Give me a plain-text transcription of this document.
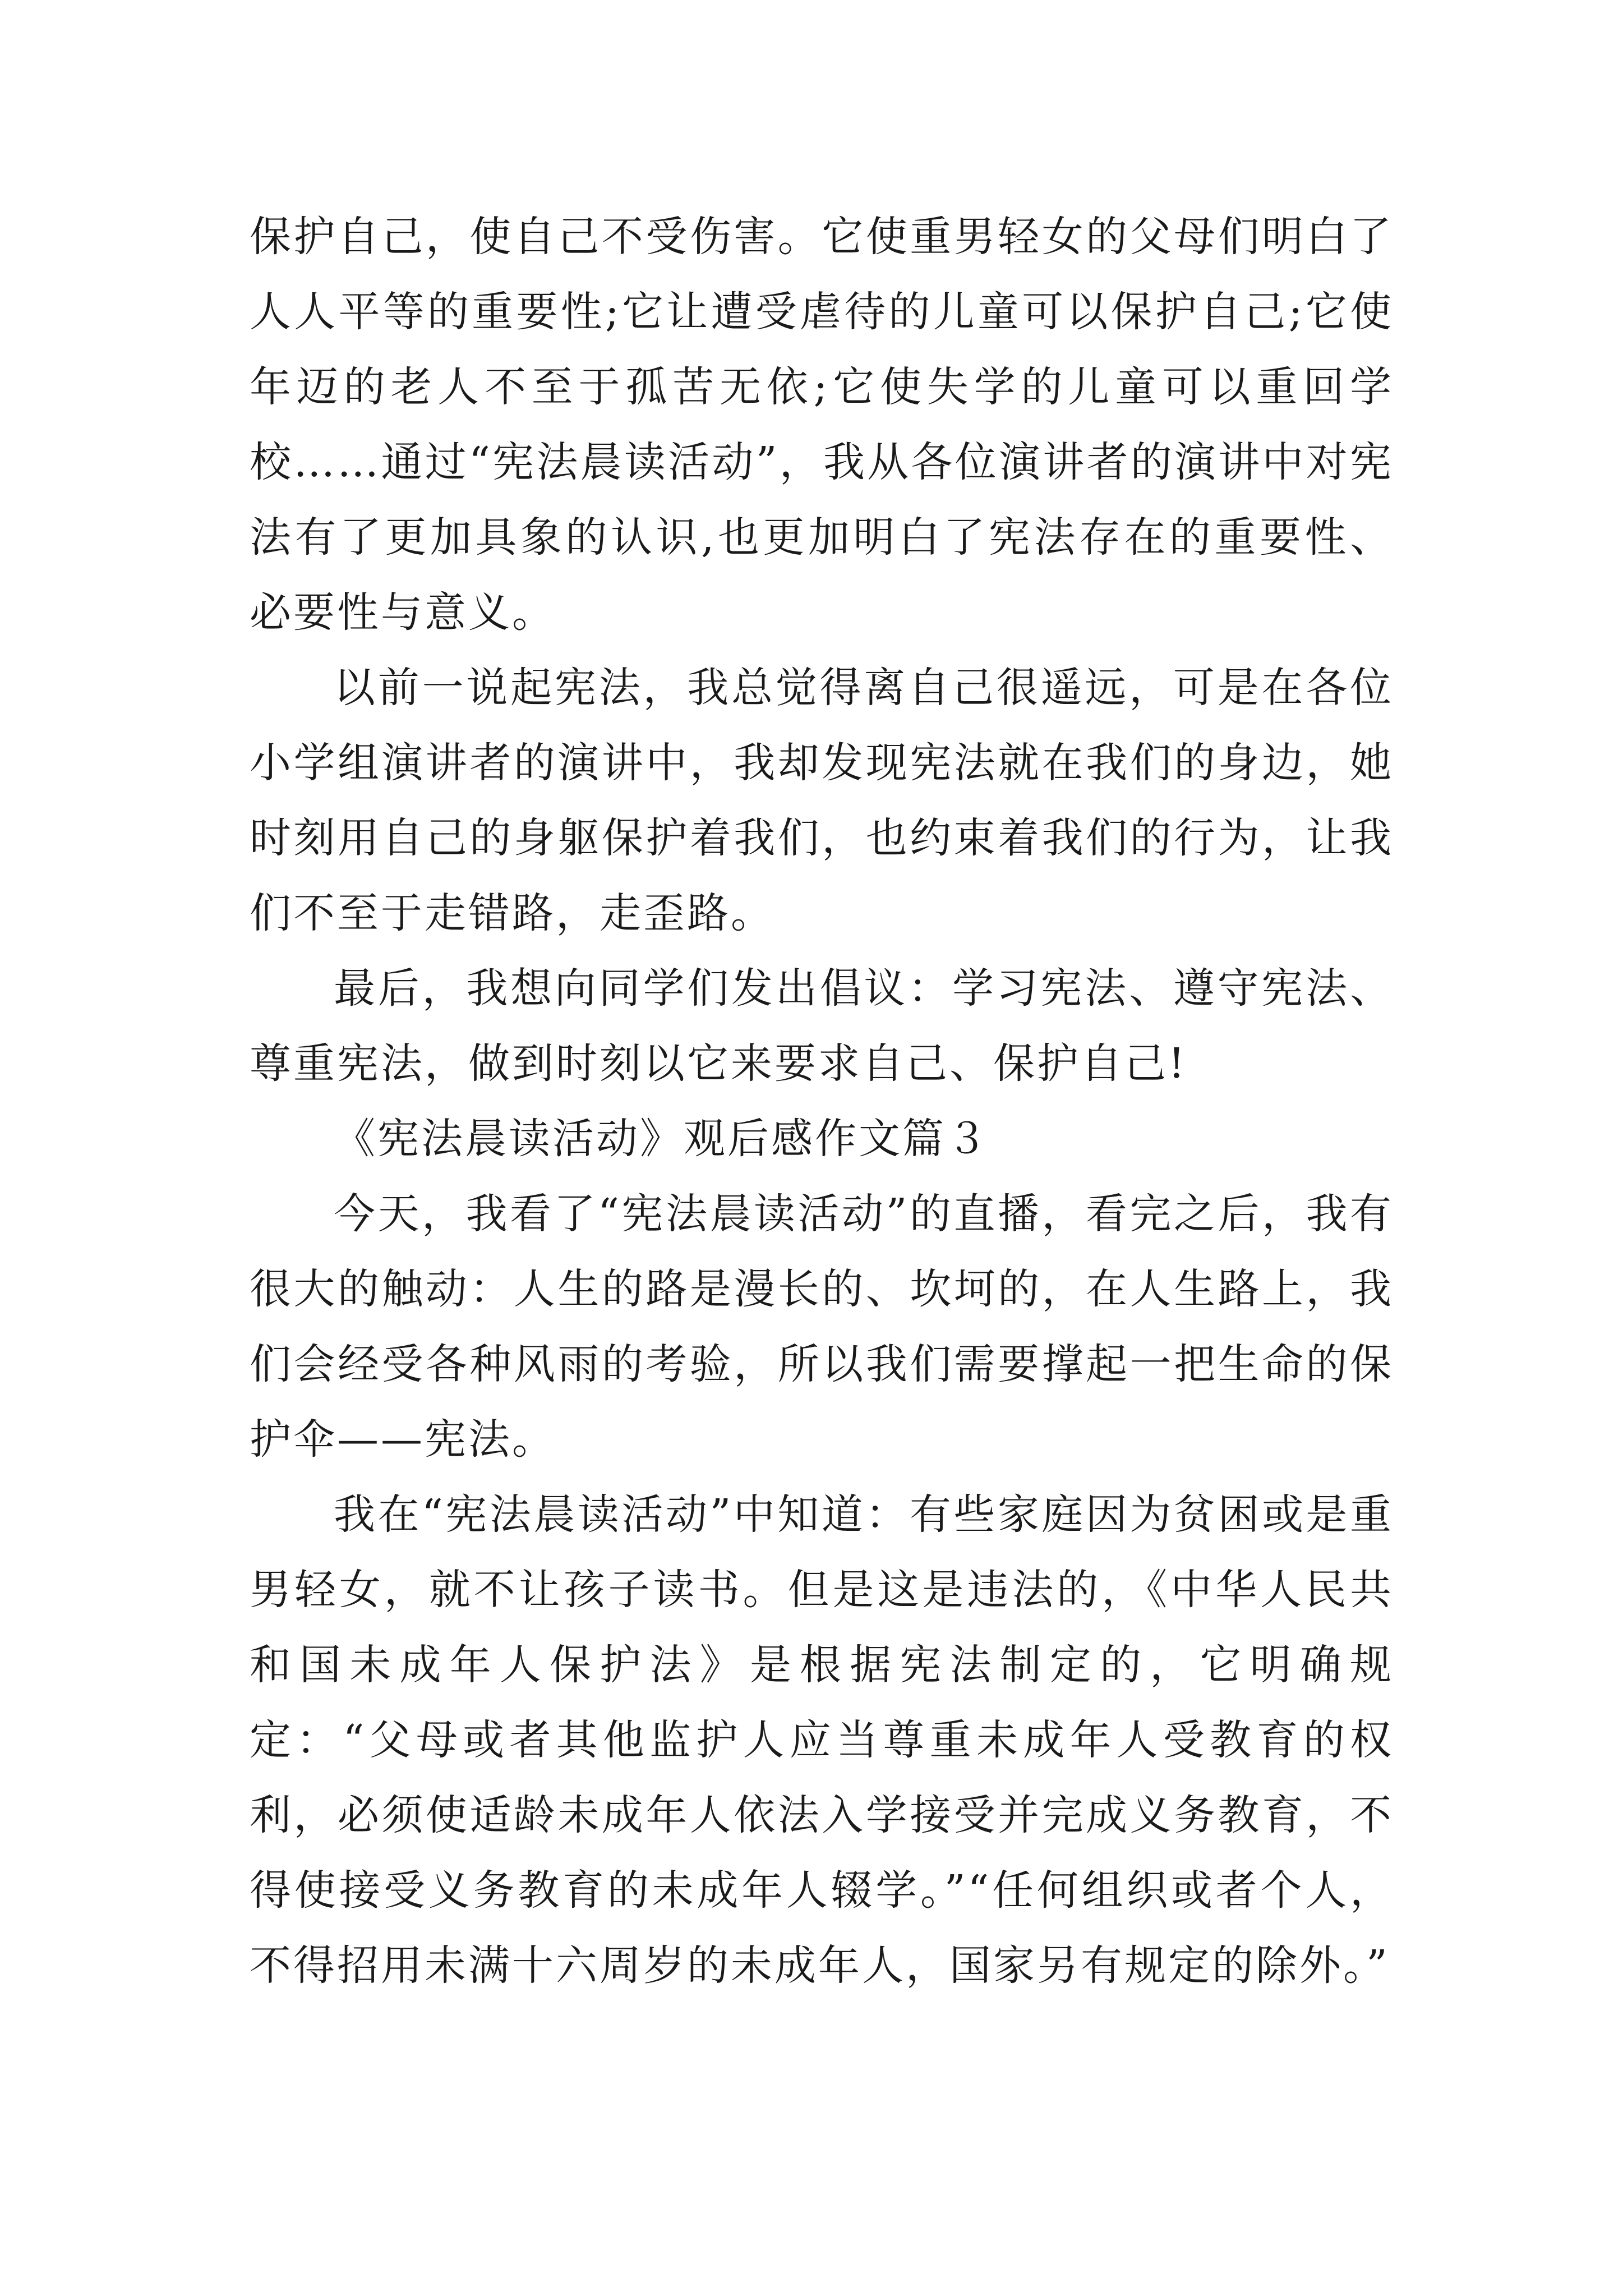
保护自己，使自己不受伤害。它使重男轻女的父母们明白了人人平等的重要性;它让遭受虐待的儿童可以保护自己;它使年迈的老人不至于孤苦无依;它使失学的儿童可以重回学校……通过“宪法晨读活动”，我从各位演讲者的演讲中对宪法有了更加具象的认识,也更加明白了宪法存在的重要性、必要性与意义。

以前一说起宪法，我总觉得离自己很遥远，可是在各位小学组演讲者的演讲中，我却发现宪法就在我们的身边，她时刻用自己的身躯保护着我们，也约束着我们的行为，让我们不至于走错路，走歪路。

最后，我想向同学们发出倡议：学习宪法、遵守宪法、尊重宪法，做到时刻以它来要求自己、保护自己!

《宪法晨读活动》观后感作文篇３

今天，我看了“宪法晨读活动”的直播，看完之后，我有很大的触动：人生的路是漫长的、坎坷的，在人生路上，我们会经受各种风雨的考验，所以我们需要撑起一把生命的保护伞——宪法。

我在“宪法晨读活动”中知道：有些家庭因为贫困或是重男轻女，就不让孩子读书。但是这是违法的，《中华人民共和国未成年人保护法》是根据宪法制定的，它明确规定：“父母或者其他监护人应当尊重未成年人受教育的权利，必须使适龄未成年人依法入学接受并完成义务教育，不得使接受义务教育的未成年人辍学。”“任何组织或者个人，不得招用未满十六周岁的未成年人，国家另有规定的除外。”
